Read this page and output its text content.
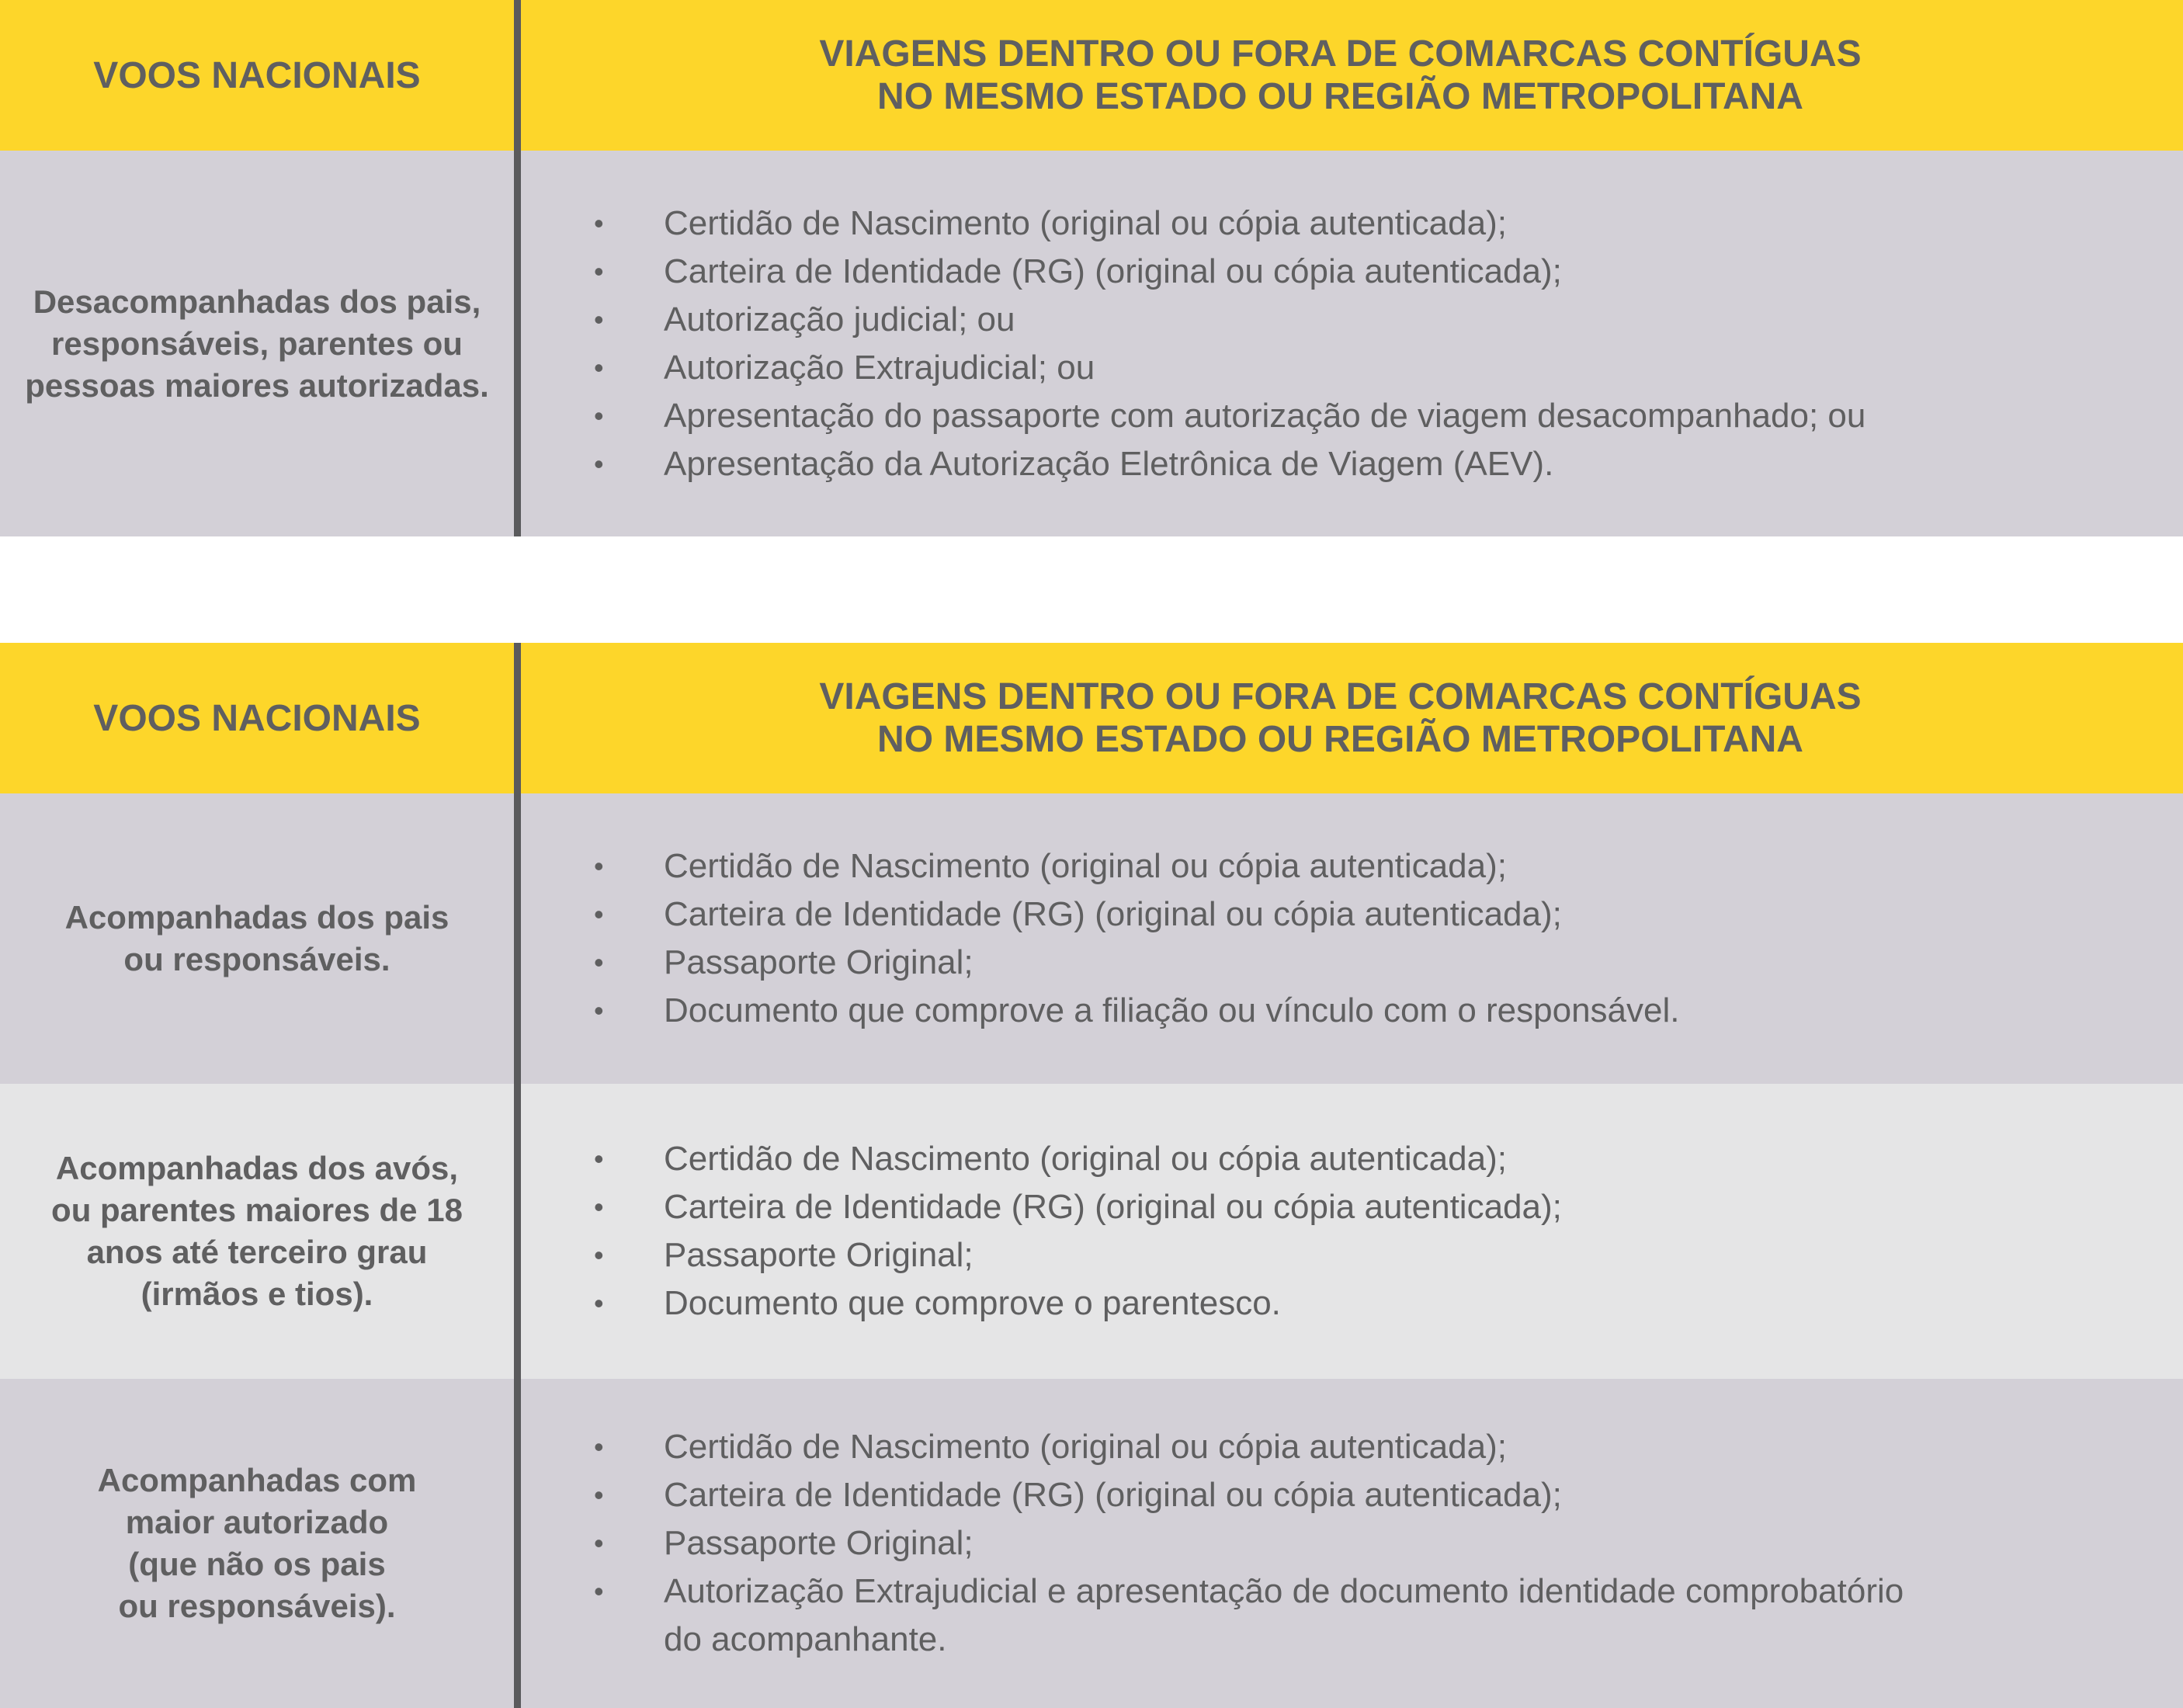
VOOS NACIONAIS
VIAGENS DENTRO OU FORA DE COMARCAS CONTÍGUAS
NO MESMO ESTADO OU REGIÃO METROPOLITANA
Desacompanhadas dos pais,
responsáveis, parentes ou
pessoas maiores autorizadas.
•	Certidão de Nascimento (original ou cópia autenticada);
•	Carteira de Identidade (RG) (original ou cópia autenticada);
•	Autorização judicial; ou
•	Autorização Extrajudicial; ou
•	Apresentação do passaporte com autorização de viagem desacompanhado; ou
•	Apresentação da Autorização Eletrônica de Viagem (AEV).
VOOS NACIONAIS
VIAGENS DENTRO OU FORA DE COMARCAS CONTÍGUAS
NO MESMO ESTADO OU REGIÃO METROPOLITANA
Acompanhadas dos pais
ou responsáveis.
•	Certidão de Nascimento (original ou cópia autenticada);
•	Carteira de Identidade (RG) (original ou cópia autenticada);
•	Passaporte Original;
•	Documento que comprove a filiação ou vínculo com o responsável.
Acompanhadas dos avós,
ou parentes maiores de 18
anos até terceiro grau
(irmãos e tios).
•	Certidão de Nascimento (original ou cópia autenticada);
•	Carteira de Identidade (RG) (original ou cópia autenticada);
•	Passaporte Original;
•	Documento que comprove o parentesco.
Acompanhadas com
maior autorizado
(que não os pais
ou responsáveis).
•	Certidão de Nascimento (original ou cópia autenticada);
•	Carteira de Identidade (RG) (original ou cópia autenticada);
•	Passaporte Original;
•	Autorização Extrajudicial e apresentação de documento identidade comprobatório
do acompanhante.
